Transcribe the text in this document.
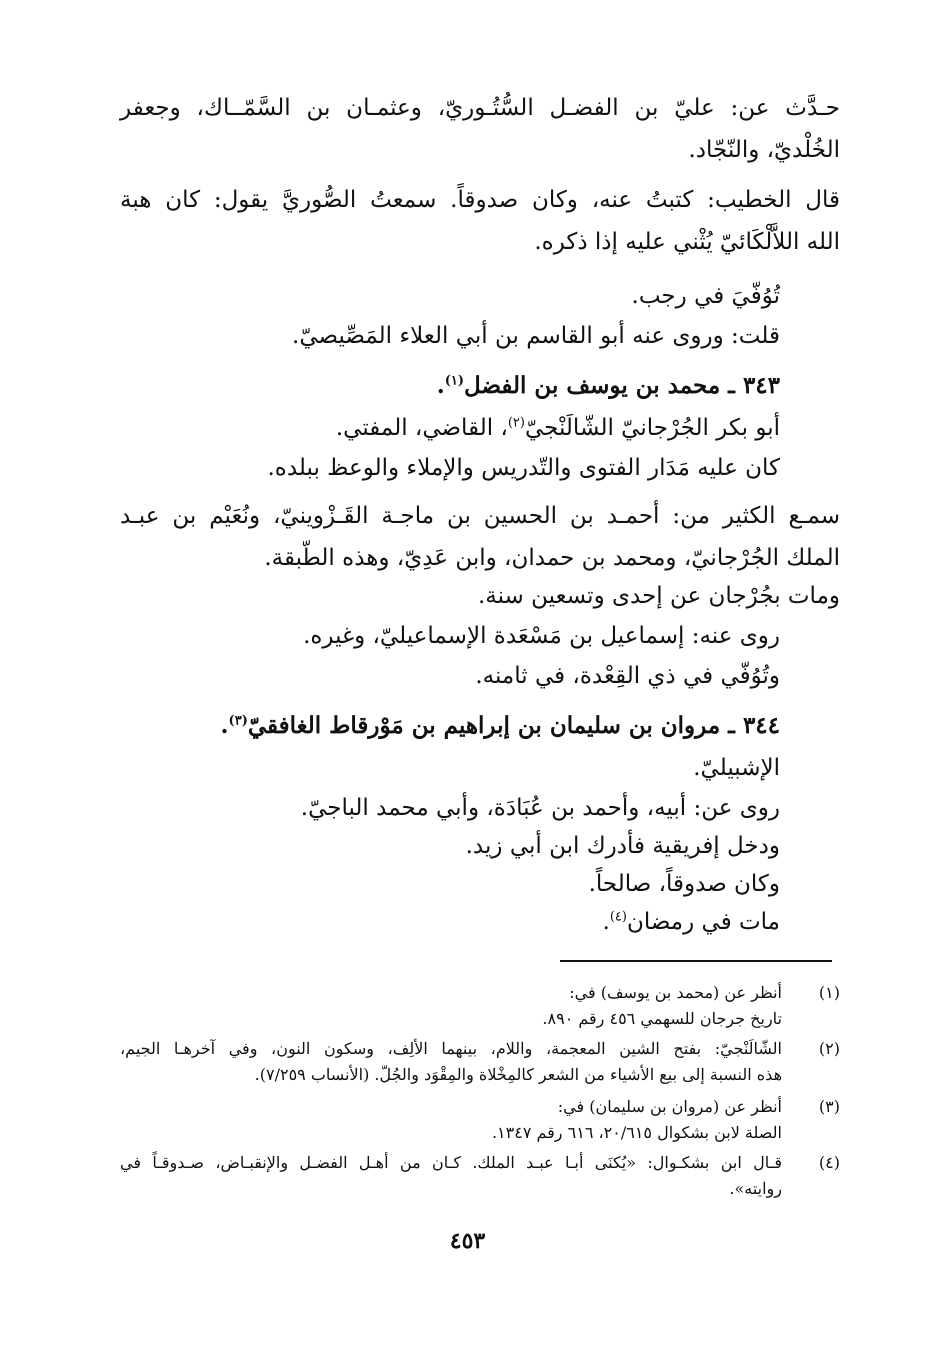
حـدَّث عن: عليّ بن الفضـل السُّتُـوريّ، وعثمـان بن السَّمّــاك، وجعفر
الخُلْديّ، والنّجّاد.
قال الخطيب: كتبتُ عنه، وكان صدوقاً. سمعتُ الصُّوريَّ يقول: كان هبة
الله اللاَّلْكَائيّ يُثْني عليه إذا ذكره.
تُوُفّيَ في رجب.
قلت: وروى عنه أبو القاسم بن أبي العلاء المَصِّيصيّ.
٣٤٣ ـ محمد بن يوسف بن الفضل$^{(١)}$.
أبو بكر الجُرْجانيّ الشّالَنْجيّ$^{(٢)}$، القاضي، المفتي.
كان عليه مَدَار الفتوى والتّدريس والإملاء والوعظ ببلده.
سمـع الكثير من: أحمـد بن الحسين بن ماجـة القَـزْوينيّ، ونُعَيْم بن عبـد
الملك الجُرْجانيّ، ومحمد بن حمدان، وابن عَدِيّ، وهذه الطّبقة.
ومات بجُرْجان عن إحدى وتسعين سنة.
روى عنه: إسماعيل بن مَسْعَدة الإسماعيليّ، وغيره.
وتُوُفّي في ذي القِعْدة، في ثامنه.
٣٤٤ ـ مروان بن سليمان بن إبراهيم بن مَوْرقاط الغافقيّ$^{(٣)}$.
الإشبيليّ.
روى عن: أبيه، وأحمد بن عُبَادَة، وأبي محمد الباجيّ.
ودخل إفريقية فأدرك ابن أبي زيد.
وكان صدوقاً، صالحاً.
مات في رمضان$^{(٤)}$.
(١)
أنظر عن (محمد بن يوسف) في:
تاريخ جرجان للسهمي ٤٥٦ رقم ٨٩٠.
(٢)
الشّالَنْجيّ: بفتح الشين المعجمة، واللام، بينهما الألِف، وسكون النون، وفي آخرهـا الجيم،
هذه النسبة إلى بيع الأشياء من الشعر كالمِخْلاة والمِقْوَد والجُلّ. (الأنساب ٧/٢٥٩).
(٣)
أنظر عن (مروان بن سليمان) في:
الصلة لابن بشكوال ٢٠/٦١٥، ٦١٦ رقم ١٣٤٧.
(٤)
قـال ابن بشكـوال: «يُكنَى أبـا عبـد الملك. كـان من أهـل الفضـل والإنقبـاض، صـدوقـاً في
روايته».
٤٥٣
